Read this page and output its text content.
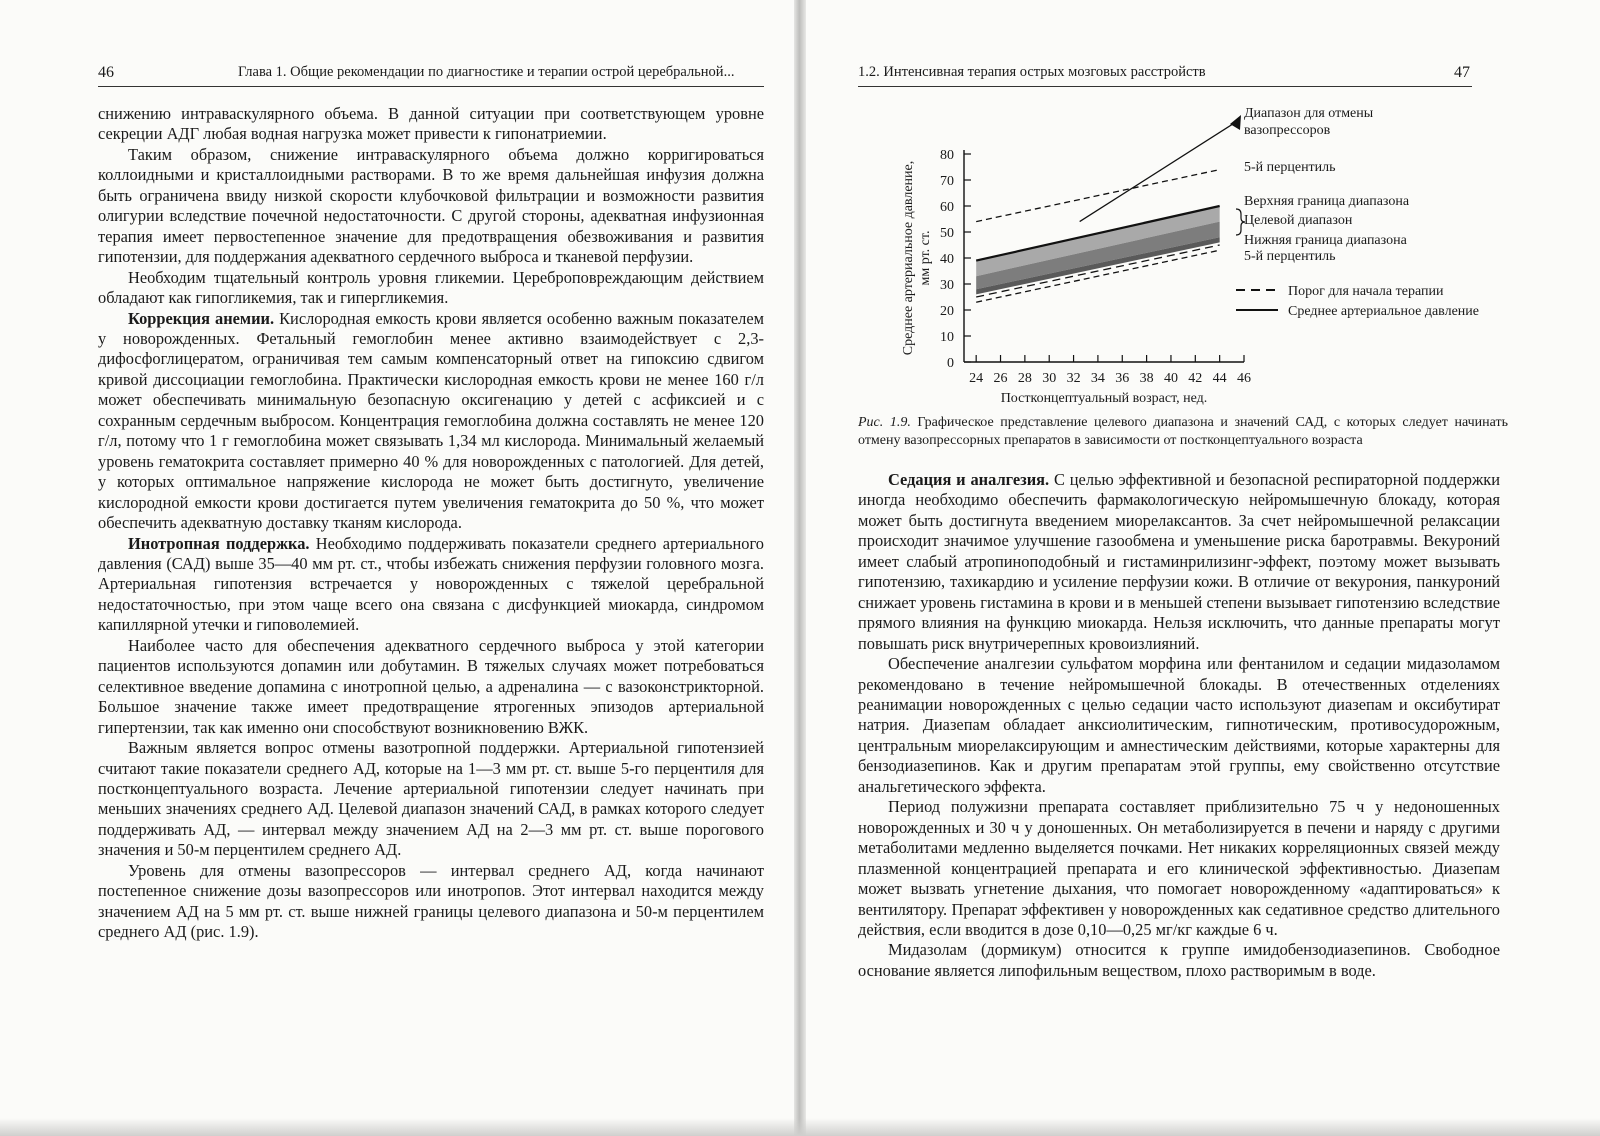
46	Глава 1. Общие рекомендации по диагностике и терапии острой церебральной...

снижению интраваскулярного объема. В данной ситуации при соответствующем уровне секреции АДГ любая водная нагрузка может привести к гипонатриемии.

Таким образом, снижение интраваскулярного объема должно корригироваться коллоидными и кристаллоидными растворами. В то же время дальнейшая инфузия должна быть ограничена ввиду низкой скорости клубочковой фильтрации и возможности развития олигурии вследствие почечной недостаточности. С другой стороны, адекватная инфузионная терапия имеет первостепенное значение для предотвращения обезвоживания и развития гипотензии, для поддержания адекватного сердечного выброса и тканевой перфузии.

Необходим тщательный контроль уровня гликемии. Цереброповреждающим действием обладают как гипогликемия, так и гипергликемия.

Коррекция анемии. Кислородная емкость крови является особенно важным показателем у новорожденных. Фетальный гемоглобин менее активно взаимодействует с 2,3-дифосфоглицератом, ограничивая тем самым компенсаторный ответ на гипоксию сдвигом кривой диссоциации гемоглобина. Практически кислородная емкость крови не менее 160 г/л может обеспечивать минимальную безопасную оксигенацию у детей с асфиксией и с сохранным сердечным выбросом. Концентрация гемоглобина должна составлять не менее 120 г/л, потому что 1 г гемоглобина может связывать 1,34 мл кислорода. Минимальный желаемый уровень гематокрита составляет примерно 40 % для новорожденных с патологией. Для детей, у которых оптимальное напряжение кислорода не может быть достигнуто, увеличение кислородной емкости крови достигается путем увеличения гематокрита до 50 %, что может обеспечить адекватную доставку тканям кислорода.

Инотропная поддержка. Необходимо поддерживать показатели среднего артериального давления (САД) выше 35—40 мм рт. ст., чтобы избежать снижения перфузии головного мозга. Артериальная гипотензия встречается у новорожденных с тяжелой церебральной недостаточностью, при этом чаще всего она связана с дисфункцией миокарда, синдромом капиллярной утечки и гиповолемией.

Наиболее часто для обеспечения адекватного сердечного выброса у этой категории пациентов используются допамин или добутамин. В тяжелых случаях может потребоваться селективное введение допамина с инотропной целью, а адреналина — с вазоконстрикторной. Большое значение также имеет предотвращение ятрогенных эпизодов артериальной гипертензии, так как именно они способствуют возникновению ВЖК.

Важным является вопрос отмены вазотропной поддержки. Артериальной гипотензией считают такие показатели среднего АД, которые на 1—3 мм рт. ст. выше 5-го перцентиля для постконцептуального возраста. Лечение артериальной гипотензии следует начинать при меньших значениях среднего АД. Целевой диапазон значений САД, в рамках которого следует поддерживать АД, — интервал между значением АД на 2—3 мм рт. ст. выше порогового значения и 50-м перцентилем среднего АД.

Уровень для отмены вазопрессоров — интервал среднего АД, когда начинают постепенное снижение дозы вазопрессоров или инотропов. Этот интервал находится между значением АД на 5 мм рт. ст. выше нижней границы целевого диапазона и 50-м перцентилем среднего АД (рис. 1.9).

1.2. Интенсивная терапия острых мозговых расстройств	47
0
10
20
30
40
50
60
70
80
24 26 28 30 32 34 36 38 40 42 44 46
Постконцептуальный возраст, нед.
Среднее артериальное давление, мм рт. ст.
Диапазон для отмены вазопрессоров
5-й перцентиль
Верхняя граница диапазона
Целевой диапазон
Нижняя граница диапазона
5-й перцентиль
Порог для начала терапии
Среднее артериальное давление
Рис. 1.9. Графическое представление целевого диапазона и значений САД, с которых следует начинать отмену вазопрессорных препаратов в зависимости от постконцептуального возраста

Седация и аналгезия. С целью эффективной и безопасной респираторной поддержки иногда необходимо обеспечить фармакологическую нейромышечную блокаду, которая может быть достигнута введением миорелаксантов. За счет нейромышечной релаксации происходит значимое улучшение газообмена и уменьшение риска баротравмы. Векуроний имеет слабый атропиноподобный и гистаминрилизинг-эффект, поэтому может вызывать гипотензию, тахикардию и усиление перфузии кожи. В отличие от векурония, панкуроний снижает уровень гистамина в крови и в меньшей степени вызывает гипотензию вследствие прямого влияния на функцию миокарда. Нельзя исключить, что данные препараты могут повышать риск внутричерепных кровоизлияний.

Обеспечение аналгезии сульфатом морфина или фентанилом и седации мидазоламом рекомендовано в течение нейромышечной блокады. В отечественных отделениях реанимации новорожденных с целью седации часто используют диазепам и оксибутират натрия. Диазепам обладает анксиолитическим, гипнотическим, противосудорожным, центральным миорелаксирующим и амнестическим действиями, которые характерны для бензодиазепинов. Как и другим препаратам этой группы, ему свойственно отсутствие анальгетического эффекта.

Период полужизни препарата составляет приблизительно 75 ч у недоношенных новорожденных и 30 ч у доношенных. Он метаболизируется в печени и наряду с другими метаболитами медленно выделяется почками. Нет никаких корреляционных связей между плазменной концентрацией препарата и его клинической эффективностью. Диазепам может вызвать угнетение дыхания, что помогает новорожденному «адаптироваться» к вентилятору. Препарат эффективен у новорожденных как седативное средство длительного действия, если вводится в дозе 0,10—0,25 мг/кг каждые 6 ч.

Мидазолам (дормикум) относится к группе имидобензодиазепинов. Свободное основание является липофильным веществом, плохо растворимым в воде.
